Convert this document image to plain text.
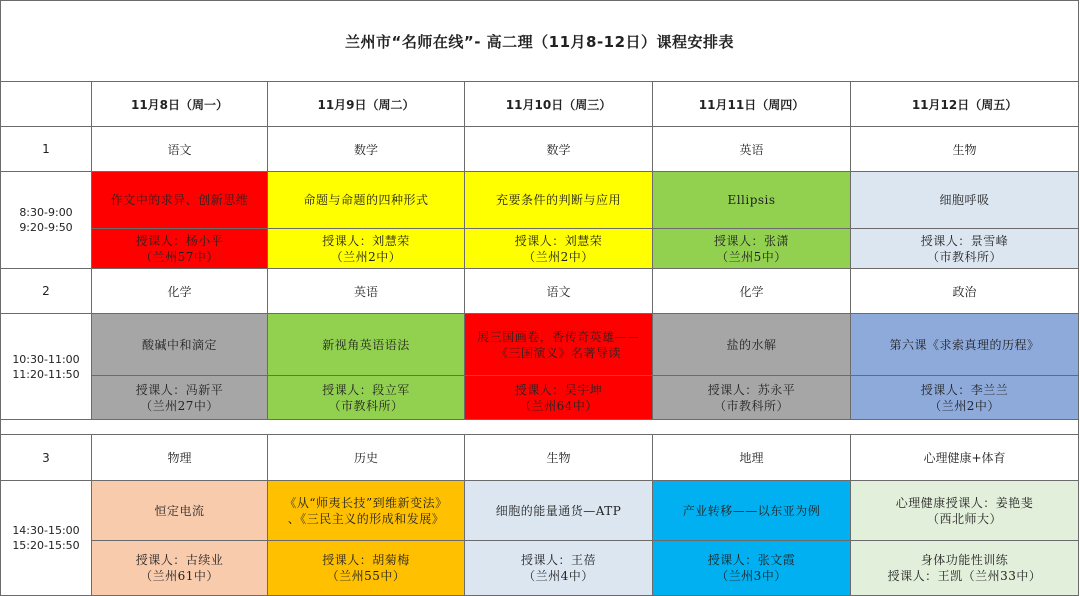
兰州市“名师在线”- 高二理（11月8-12日）课程安排表					
	11月8日（周一）	11月9日（周二）	11月10日（周三）	11月11日（周四）	11月12日（周五）
1	语文	数学	数学	英语	生物

8:30-9:00
9:20-9:50	作文中的求异、创新思维	命题与命题的四种形式	充要条件的判断与应用	Ellipsis	细胞呼吸

	授课人：杨小平
（兰州57中）	授课人：刘慧荣
（兰州2中）	授课人：刘慧荣
（兰州2中）	授课人：张潇
（兰州5中）	授课人：景雪峰
（市教科所）

2	化学	英语	语文	化学	政治

10:30-11:00
11:20-11:50	酸碱中和滴定	新视角英语语法	展三国画卷，香传奇英雄——
《三国演义》名著导读	盐的水解	第六课《求索真理的历程》

	授课人：冯新平
（兰州27中）	授课人：段立军
（市教科所）	授课人：吴宇坤
（兰州64中）	授课人：苏永平
（市教科所）	授课人：李兰兰
（兰州2中）

3	物理	历史	生物	地理	心理健康+体育

14:30-15:00
15:20-15:50	恒定电流	《从“师夷长技”到维新变法》
、《三民主义的形成和发展》	细胞的能量通货—ATP	产业转移——以东亚为例	心理健康授课人：姜艳斐
（西北师大）

	授课人：古续业
（兰州61中）	授课人：胡菊梅
（兰州55中）	授课人：王蓓
（兰州4中）	授课人：张文霞
（兰州3中）	身体功能性训练
授课人：王凯（兰州33中）
